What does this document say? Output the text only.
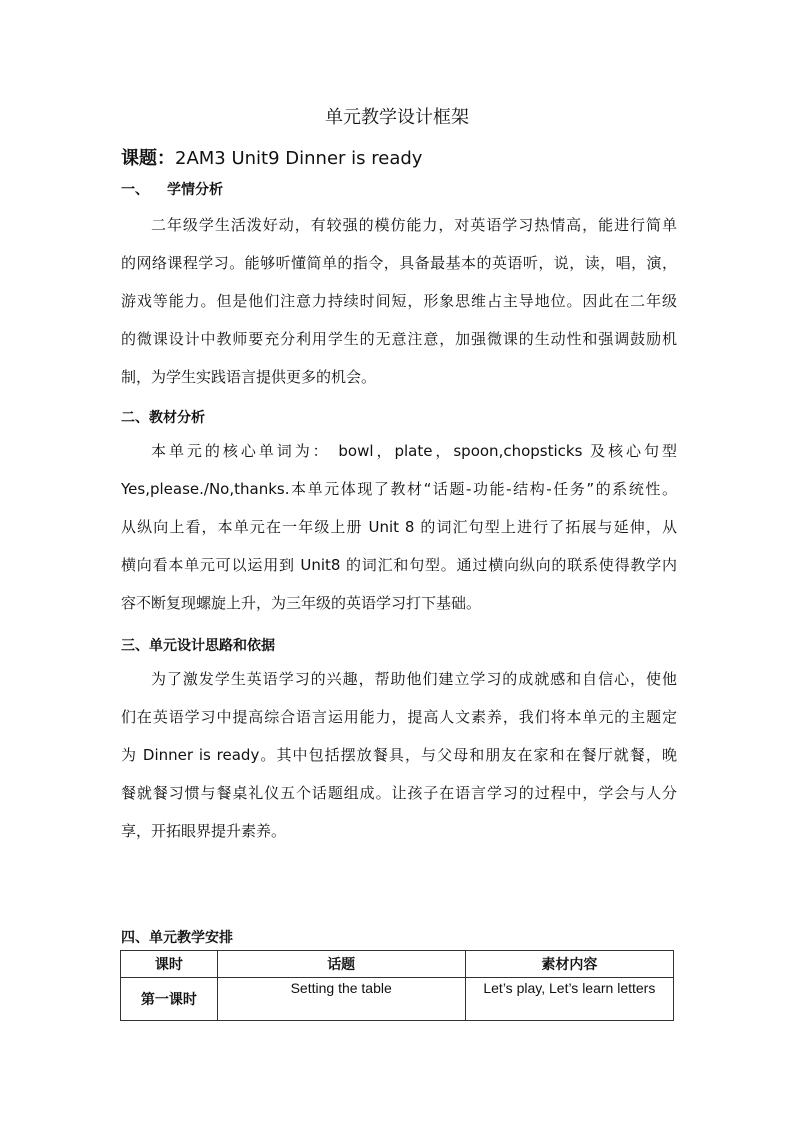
单元教学设计框架
课题：2AM3 Unit9 Dinner is ready
一、 学情分析
二年级学生活泼好动，有较强的模仿能力，对英语学习热情高，能进行简单
的网络课程学习。能够听懂简单的指令，具备最基本的英语听，说，读，唱，演，
游戏等能力。但是他们注意力持续时间短，形象思维占主导地位。因此在二年级
的微课设计中教师要充分利用学生的无意注意，加强微课的生动性和强调鼓励机
制，为学生实践语言提供更多的机会。
二、教材分析
本单元的核心单词为： bowl，plate，spoon,chopsticks 及核心句型
Yes,please./No,thanks.本单元体现了教材“话题-功能-结构-任务”的系统性。
从纵向上看，本单元在一年级上册 Unit 8 的词汇句型上进行了拓展与延伸，从
横向看本单元可以运用到 Unit8 的词汇和句型。通过横向纵向的联系使得教学内
容不断复现螺旋上升，为三年级的英语学习打下基础。
三、单元设计思路和依据
为了激发学生英语学习的兴趣，帮助他们建立学习的成就感和自信心，使他
们在英语学习中提高综合语言运用能力，提高人文素养，我们将本单元的主题定
为 Dinner is ready。其中包括摆放餐具，与父母和朋友在家和在餐厅就餐，晚
餐就餐习惯与餐桌礼仪五个话题组成。让孩子在语言学习的过程中，学会与人分
享，开拓眼界提升素养。
四、单元教学安排
课时	话题	素材内容
第一课时	Setting the table	Let’s play, Let’s learn letters
